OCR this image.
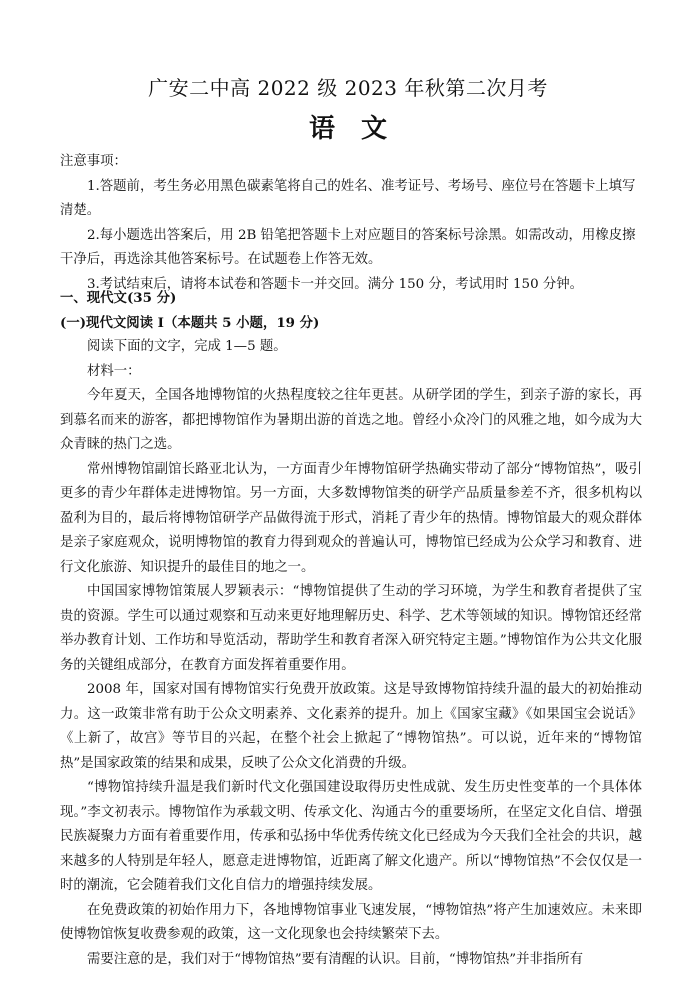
广安二中高 2022 级 2023 年秋第二次月考
语　文

注意事项：

1.答题前，考生务必用黑色碳素笔将自己的姓名、准考证号、考场号、座位号在答题卡上填写清楚。

2.每小题选出答案后，用 2B 铅笔把答题卡上对应题目的答案标号涂黑。如需改动，用橡皮擦干净后，再选涂其他答案标号。在试题卷上作答无效。

3.考试结束后，请将本试卷和答题卡一并交回。满分 150 分，考试用时 150 分钟。

一、现代文(35 分)

(一)现代文阅读 Ⅰ（本题共 5 小题，19 分)

阅读下面的文字，完成 1—5 题。

材料一：

今年夏天，全国各地博物馆的火热程度较之往年更甚。从研学团的学生，到亲子游的家长，再到慕名而来的游客，都把博物馆作为暑期出游的首选之地。曾经小众冷门的风雅之地，如今成为大众青睐的热门之选。

常州博物馆副馆长路亚北认为，一方面青少年博物馆研学热确实带动了部分“博物馆热”，吸引更多的青少年群体走进博物馆。另一方面，大多数博物馆类的研学产品质量参差不齐，很多机构以盈利为目的，最后将博物馆研学产品做得流于形式，消耗了青少年的热情。博物馆最大的观众群体是亲子家庭观众，说明博物馆的教育力得到观众的普遍认可，博物馆已经成为公众学习和教育、进行文化旅游、知识提升的最佳目的地之一。

中国国家博物馆策展人罗颖表示：“博物馆提供了生动的学习环境，为学生和教育者提供了宝贵的资源。学生可以通过观察和互动来更好地理解历史、科学、艺术等领域的知识。博物馆还经常举办教育计划、工作坊和导览活动，帮助学生和教育者深入研究特定主题。”博物馆作为公共文化服务的关键组成部分，在教育方面发挥着重要作用。

2008 年，国家对国有博物馆实行免费开放政策。这是导致博物馆持续升温的最大的初始推动力。这一政策非常有助于公众文明素养、文化素养的提升。加上《国家宝藏》《如果国宝会说话》《上新了，故宫》等节目的兴起，在整个社会上掀起了“博物馆热”。可以说，近年来的“博物馆热”是国家政策的结果和成果，反映了公众文化消费的升级。

“博物馆持续升温是我们新时代文化强国建设取得历史性成就、发生历史性变革的一个具体体现。”李文初表示。博物馆作为承载文明、传承文化、沟通古今的重要场所，在坚定文化自信、增强民族凝聚力方面有着重要作用，传承和弘扬中华优秀传统文化已经成为今天我们全社会的共识，越来越多的人特别是年轻人，愿意走进博物馆，近距离了解文化遗产。所以“博物馆热”不会仅仅是一时的潮流，它会随着我们文化自信力的增强持续发展。

在免费政策的初始作用力下，各地博物馆事业飞速发展，“博物馆热”将产生加速效应。未来即使博物馆恢复收费参观的政策，这一文化现象也会持续繁荣下去。

需要注意的是，我们对于“博物馆热”要有清醒的认识。目前，“博物馆热”并非指所有
